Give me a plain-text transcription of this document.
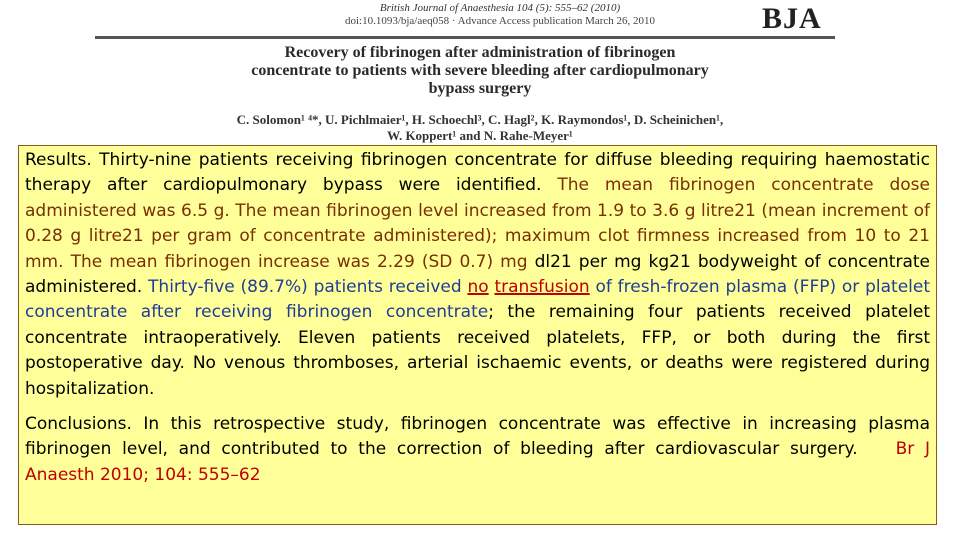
British Journal of Anaesthesia 104 (5): 555–62 (2010)
doi:10.1093/bja/aeq058 · Advance Access publication March 26, 2010	BJA
Recovery of fibrinogen after administration of fibrinogen
concentrate to patients with severe bleeding after cardiopulmonary
bypass surgery
C. Solomon¹ ⁴*, U. Pichlmaier¹, H. Schoechl³, C. Hagl², K. Raymondos¹, D. Scheinichen¹,
W. Koppert¹ and N. Rahe-Meyer¹

Results. Thirty-nine patients receiving fibrinogen concentrate for diffuse bleeding requiring haemostatic therapy after cardiopulmonary bypass were identified. The mean fibrinogen concentrate dose administered was 6.5 g. The mean fibrinogen level increased from 1.9 to 3.6 g litre21 (mean increment of 0.28 g litre21 per gram of concentrate administered); maximum clot firmness increased from 10 to 21 mm. The mean fibrinogen increase was 2.29 (SD 0.7) mg dl21 per mg kg21 bodyweight of concentrate administered. Thirty-five (89.7%) patients received no transfusion of fresh-frozen plasma (FFP) or platelet concentrate after receiving fibrinogen concentrate; the remaining four patients received platelet concentrate intraoperatively. Eleven patients received platelets, FFP, or both during the first postoperative day. No venous thromboses, arterial ischaemic events, or deaths were registered during hospitalization.

Conclusions. In this retrospective study, fibrinogen concentrate was effective in increasing plasma fibrinogen level, and contributed to the correction of bleeding after cardiovascular surgery. Br J Anaesth 2010; 104: 555–62
